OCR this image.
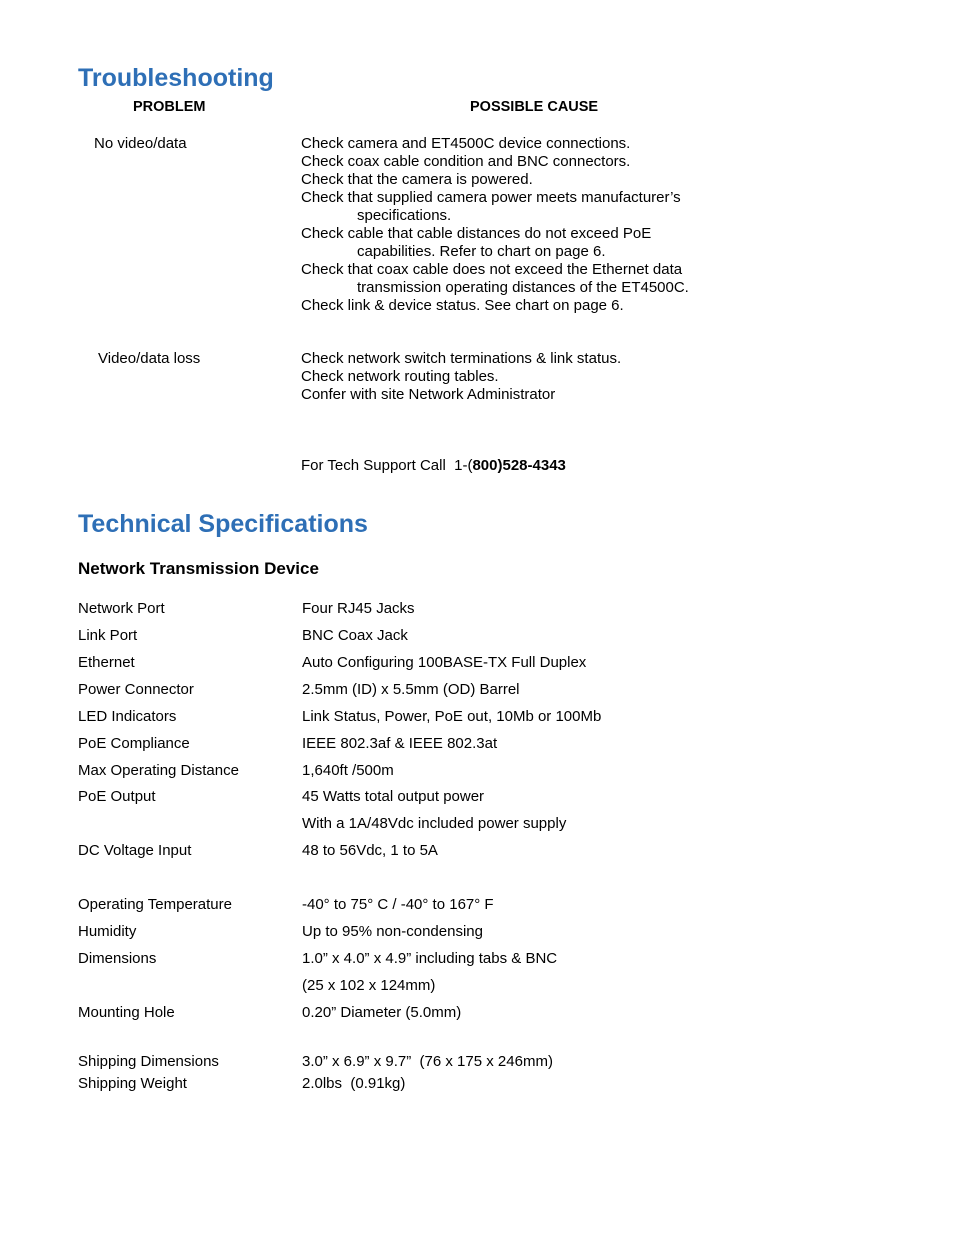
Troubleshooting
PROBLEM	POSSIBLE CAUSE
No video/data	Check camera and ET4500C device connections.
Check coax cable condition and BNC connectors.
Check that the camera is powered.
Check that supplied camera power meets manufacturer’s
specifications.
Check cable that cable distances do not exceed PoE
capabilities. Refer to chart on page 6.
Check that coax cable does not exceed the Ethernet data
transmission operating distances of the ET4500C.
Check link & device status. See chart on page 6.
Video/data loss	Check network switch terminations & link status.
Check network routing tables.
Confer with site Network Administrator
For Tech Support Call  1-(800)528-4343
Technical Specifications
Network Transmission Device
Network Port	Four RJ45 Jacks
Link Port	BNC Coax Jack
Ethernet	Auto Configuring 100BASE-TX Full Duplex
Power Connector	2.5mm (ID) x 5.5mm (OD) Barrel
LED Indicators	Link Status, Power, PoE out, 10Mb or 100Mb
PoE Compliance	IEEE 802.3af & IEEE 802.3at
Max Operating Distance	1,640ft /500m
PoE Output	45 Watts total output power
With a 1A/48Vdc included power supply
DC Voltage Input	48 to 56Vdc, 1 to 5A
Operating Temperature	-40° to 75° C / -40° to 167° F
Humidity	Up to 95% non-condensing
Dimensions	1.0” x 4.0” x 4.9” including tabs & BNC
(25 x 102 x 124mm)
Mounting Hole	0.20” Diameter (5.0mm)
Shipping Dimensions	3.0” x 6.9” x 9.7”  (76 x 175 x 246mm)
Shipping Weight	2.0lbs  (0.91kg)
